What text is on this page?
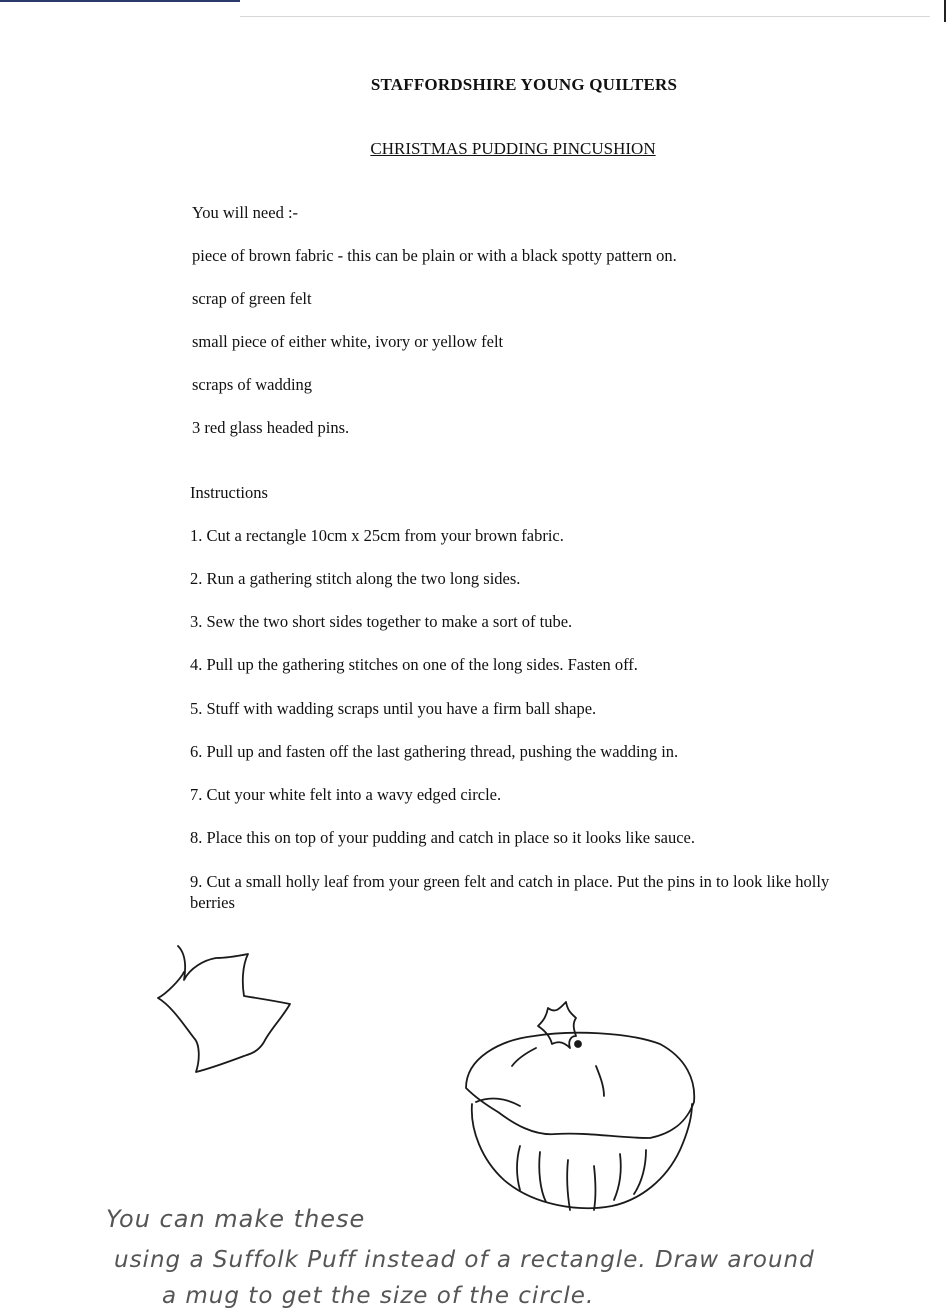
STAFFORDSHIRE YOUNG QUILTERS
CHRISTMAS PUDDING PINCUSHION
You will need :-
piece of brown fabric - this can be plain or with a black spotty pattern on.
scrap of green felt
small piece of either white, ivory or yellow felt
scraps of wadding
3 red glass headed pins.
Instructions
1. Cut a rectangle 10cm x 25cm from your brown fabric.
2. Run a gathering stitch along the two long sides.
3. Sew the two short sides together to make a sort of tube.
4. Pull up the gathering stitches on one of the long sides. Fasten off.
5. Stuff with wadding scraps until you have a firm ball shape.
6. Pull up and fasten off the last gathering thread, pushing the wadding in.
7. Cut your white felt into a wavy edged circle.
8. Place this on top of your pudding and catch in place so it looks like sauce.
9. Cut a small holly leaf from your green felt and catch in place. Put the pins in to look like holly berries
You can make these
using a Suffolk Puff instead of a rectangle. Draw around
a mug to get the size of the circle.
